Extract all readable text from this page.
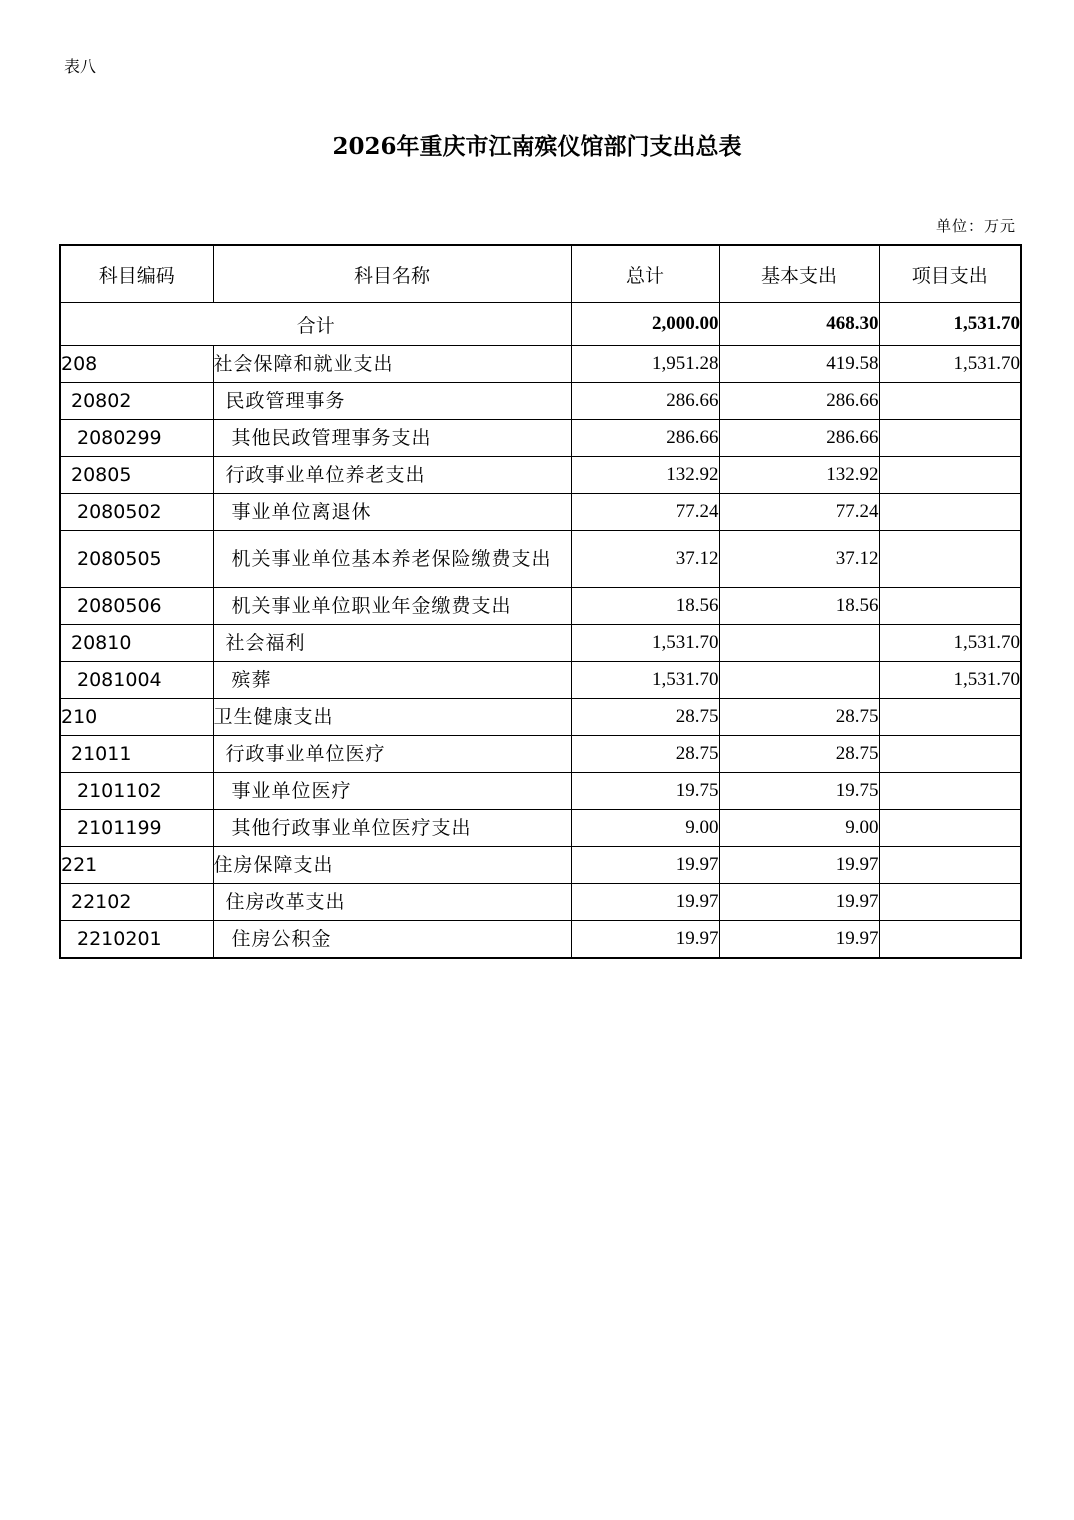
表八
2026年重庆市江南殡仪馆部门支出总表
单位：万元
科目编码	科目名称	总计	基本支出	项目支出
合计		2,000.00	468.30	1,531.70
208	社会保障和就业支出	1,951.28	419.58	1,531.70
20802	民政管理事务	286.66	286.66	
2080299	其他民政管理事务支出	286.66	286.66	
20805	行政事业单位养老支出	132.92	132.92	
2080502	事业单位离退休	77.24	77.24	
2080505	机关事业单位基本养老保险缴费支出	37.12	37.12	
2080506	机关事业单位职业年金缴费支出	18.56	18.56	
20810	社会福利	1,531.70		1,531.70
2081004	殡葬	1,531.70		1,531.70
210	卫生健康支出	28.75	28.75	
21011	行政事业单位医疗	28.75	28.75	
2101102	事业单位医疗	19.75	19.75	
2101199	其他行政事业单位医疗支出	9.00	9.00	
221	住房保障支出	19.97	19.97	
22102	住房改革支出	19.97	19.97	
2210201	住房公积金	19.97	19.97	
